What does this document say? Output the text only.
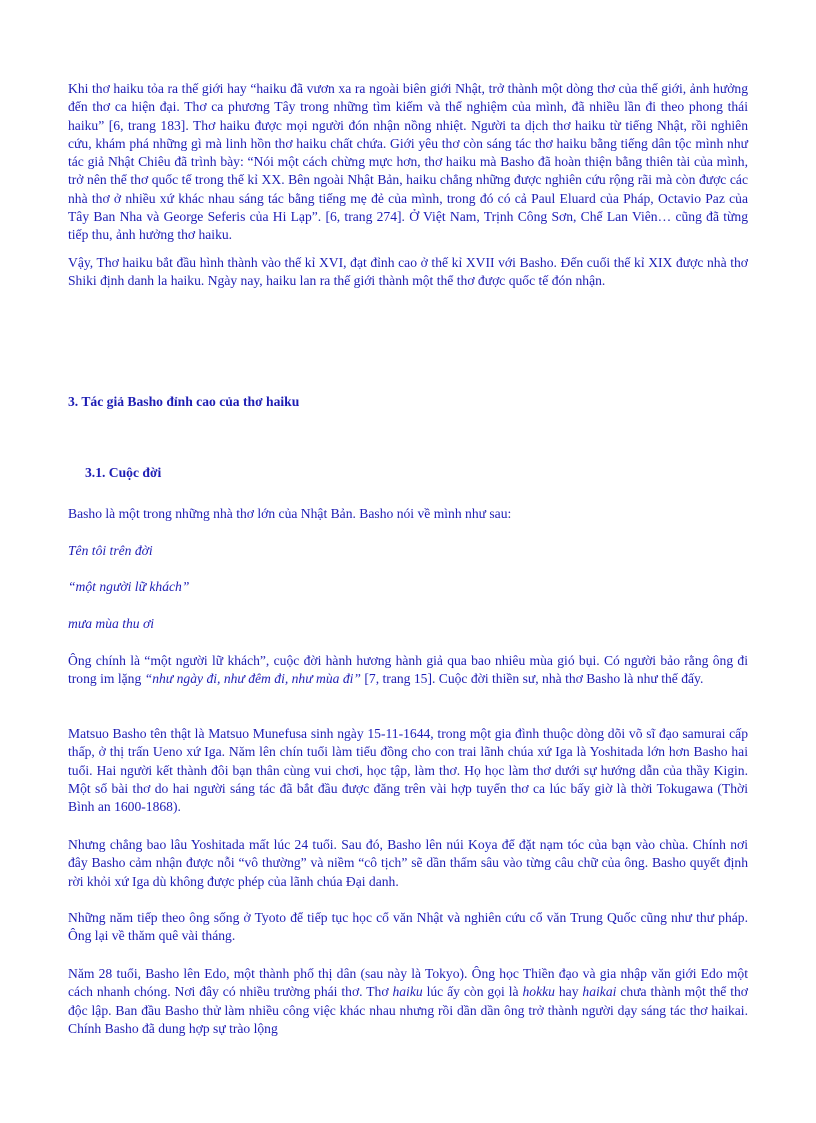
Khi thơ haiku tỏa ra thế giới hay “haiku đã vươn xa ra ngoài biên giới Nhật, trở thành một dòng thơ của thế giới, ảnh hưởng đến thơ ca hiện đại. Thơ ca phương Tây trong những tìm kiếm và thể nghiệm của mình, đã nhiều lần đi theo phong thái haiku” [6, trang 183]. Thơ haiku được mọi người đón nhận nồng nhiệt. Người ta dịch thơ haiku từ tiếng Nhật, rồi nghiên cứu, khám phá những gì mà linh hồn thơ haiku chất chứa. Giới yêu thơ còn sáng tác thơ haiku bằng tiếng dân tộc mình như tác giả Nhật Chiêu đã trình bày: “Nói một cách chừng mực hơn, thơ haiku mà Basho đã hoàn thiện bằng thiên tài của mình, trở nên thể thơ quốc tế trong thế kỉ XX. Bên ngoài Nhật Bản, haiku chẳng những được nghiên cứu rộng rãi mà còn được các nhà thơ ở nhiều xứ khác nhau sáng tác bằng tiếng mẹ đẻ của mình, trong đó có cả Paul Eluard của Pháp, Octavio Paz của Tây Ban Nha và George Seferis của Hi Lạp”. [6, trang 274]. Ở Việt Nam, Trịnh Công Sơn, Chế Lan Viên… cũng đã từng tiếp thu, ảnh hưởng thơ haiku.

Vậy, Thơ haiku bắt đầu hình thành vào thế kỉ XVI, đạt đỉnh cao ở thế kỉ XVII với Basho. Đến cuối thế kỉ XIX được nhà thơ Shiki định danh la haiku. Ngày nay, haiku lan ra thế giới thành một thể thơ được quốc tế đón nhận.

3. Tác giả Basho đỉnh cao của thơ haiku

3.1. Cuộc đời

Basho là một trong những nhà thơ lớn của Nhật Bản. Basho nói về mình như sau:

Tên tôi trên đời

“một người lữ khách”

mưa mùa thu ơi

Ông chính là “một người lữ khách”, cuộc đời hành hương hành giả qua bao nhiêu mùa gió bụi. Có người bảo rằng ông đi trong im lặng “như ngày đi, như đêm đi, như mùa đi” [7, trang 15]. Cuộc đời thiền sư, nhà thơ Basho là như thế đấy.

Matsuo Basho tên thật là Matsuo Munefusa sinh ngày 15-11-1644, trong một gia đình thuộc dòng dõi võ sĩ đạo samurai cấp thấp, ở thị trấn Ueno xứ Iga. Năm lên chín tuổi làm tiểu đồng cho con trai lãnh chúa xứ Iga là Yoshitada lớn hơn Basho hai tuổi. Hai người kết thành đôi bạn thân cùng vui chơi, học tập, làm thơ. Họ học làm thơ dưới sự hướng dẫn của thầy Kigin. Một số bài thơ do hai người sáng tác đã bắt đầu được đăng trên vài hợp tuyển thơ ca lúc bấy giờ là thời Tokugawa (Thời Bình an 1600-1868).

Nhưng chẳng bao lâu Yoshitada mất lúc 24 tuổi. Sau đó, Basho lên núi Koya để đặt nạm tóc của bạn vào chùa. Chính nơi đây Basho cảm nhận được nỗi “vô thường” và niềm “cô tịch” sẽ dần thấm sâu vào từng câu chữ của ông. Basho quyết định rời khỏi xứ Iga dù không được phép của lãnh chúa Đại danh.

Những năm tiếp theo ông sống ở Tyoto để tiếp tục học cổ văn Nhật và nghiên cứu cổ văn Trung Quốc cũng như thư pháp. Ông lại về thăm quê vài tháng.

Năm 28 tuổi, Basho lên Edo, một thành phố thị dân (sau này là Tokyo). Ông học Thiền đạo và gia nhập văn giới Edo một cách nhanh chóng. Nơi đây có nhiều trường phái thơ. Thơ haiku lúc ấy còn gọi là hokku hay haikai chưa thành một thể thơ độc lập. Ban đầu Basho thử làm nhiều công việc khác nhau nhưng rồi dần dần ông trở thành người dạy sáng tác thơ haikai. Chính Basho đã dung hợp sự trào lộng
